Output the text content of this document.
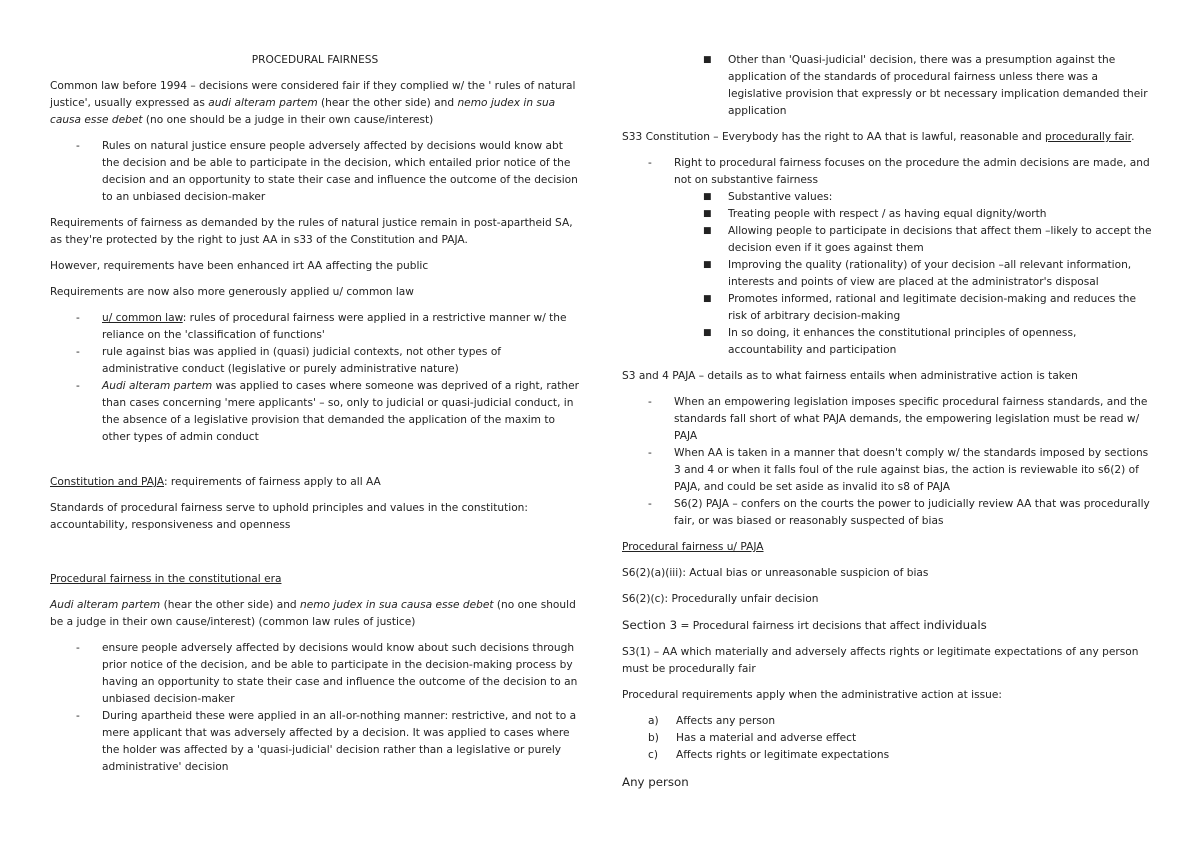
PROCEDURAL FAIRNESS

Common law before 1994 – decisions were considered fair if they complied w/ the ' rules of natural justice', usually expressed as audi alteram partem (hear the other side) and nemo judex in sua causa esse debet (no one should be a judge in their own cause/interest)

- Rules on natural justice ensure people adversely affected by decisions would know abt the decision and be able to participate in the decision, which entailed prior notice of the decision and an opportunity to state their case and influence the outcome of the decision to an unbiased decision-maker

Requirements of fairness as demanded by the rules of natural justice remain in post-apartheid SA, as they're protected by the right to just AA in s33 of the Constitution and PAJA.

However, requirements have been enhanced irt AA affecting the public

Requirements are now also more generously applied u/ common law

- u/ common law: rules of procedural fairness were applied in a restrictive manner w/ the reliance on the 'classification of functions'

- rule against bias was applied in (quasi) judicial contexts, not other types of administrative conduct (legislative or purely administrative nature)

- Audi alteram partem was applied to cases where someone was deprived of a right, rather than cases concerning 'mere applicants' – so, only to judicial or quasi-judicial conduct, in the absence of a legislative provision that demanded the application of the maxim to other types of admin conduct

Constitution and PAJA: requirements of fairness apply to all AA

Standards of procedural fairness serve to uphold principles and values in the constitution: accountability, responsiveness and openness

Procedural fairness in the constitutional era

Audi alteram partem (hear the other side) and nemo judex in sua causa esse debet (no one should be a judge in their own cause/interest) (common law rules of justice)

- ensure people adversely affected by decisions would know about such decisions through prior notice of the decision, and be able to participate in the decision-making process by having an opportunity to state their case and influence the outcome of the decision to an unbiased decision-maker

- During apartheid these were applied in an all-or-nothing manner: restrictive, and not to a mere applicant that was adversely affected by a decision. It was applied to cases where the holder was affected by a 'quasi-judicial' decision rather than a legislative or purely administrative' decision

■ Other than 'Quasi-judicial' decision, there was a presumption against the application of the standards of procedural fairness unless there was a legislative provision that expressly or bt necessary implication demanded their application

S33 Constitution – Everybody has the right to AA that is lawful, reasonable and procedurally fair.

- Right to procedural fairness focuses on the procedure the admin decisions are made, and not on substantive fairness

■ Substantive values:

■ Treating people with respect / as having equal dignity/worth

■ Allowing people to participate in decisions that affect them –likely to accept the decision even if it goes against them

■ Improving the quality (rationality) of your decision –all relevant information, interests and points of view are placed at the administrator's disposal

■ Promotes informed, rational and legitimate decision-making and reduces the risk of arbitrary decision-making

■ In so doing, it enhances the constitutional principles of openness, accountability and participation

S3 and 4 PAJA – details as to what fairness entails when administrative action is taken

- When an empowering legislation imposes specific procedural fairness standards, and the standards fall short of what PAJA demands, the empowering legislation must be read w/ PAJA

- When AA is taken in a manner that doesn't comply w/ the standards imposed by sections 3 and 4 or when it falls foul of the rule against bias, the action is reviewable ito s6(2) of PAJA, and could be set aside as invalid ito s8 of PAJA

- S6(2) PAJA – confers on the courts the power to judicially review AA that was procedurally fair, or was biased or reasonably suspected of bias

Procedural fairness u/ PAJA

S6(2)(a)(iii): Actual bias or unreasonable suspicion of bias

S6(2)(c): Procedurally unfair decision

Section 3 = Procedural fairness irt decisions that affect individuals

S3(1) – AA which materially and adversely affects rights or legitimate expectations of any person must be procedurally fair

Procedural requirements apply when the administrative action at issue:

a) Affects any person

b) Has a material and adverse effect

c) Affects rights or legitimate expectations

Any person
